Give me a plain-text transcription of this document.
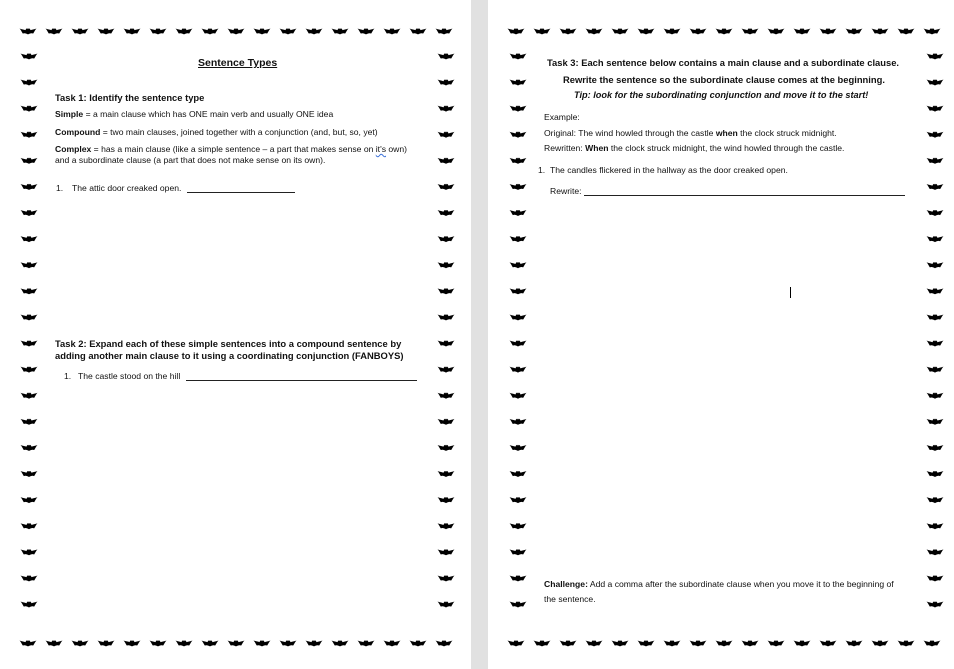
Sentence Types
Task 1: Identify the sentence type
Simple = a main clause which has ONE main verb and usually ONE idea
Compound = two main clauses, joined together with a conjunction (and, but, so, yet)
Complex = has a main clause (like a simple sentence – a part that makes sense on it's own)
and a subordinate clause (a part that does not make sense on its own).
1. The attic door creaked open.
Task 2: Expand each of these simple sentences into a compound sentence by
adding another main clause to it using a coordinating conjunction (FANBOYS)
1. The castle stood on the hill
Task 3: Each sentence below contains a main clause and a subordinate clause.
Rewrite the sentence so the subordinate clause comes at the beginning.
Tip: look for the subordinating conjunction and move it to the start!
Example:
Original: The wind howled through the castle when the clock struck midnight.
Rewritten: When the clock struck midnight, the wind howled through the castle.
1. The candles flickered in the hallway as the door creaked open.
Rewrite:
Challenge: Add a comma after the subordinate clause when you move it to the beginning of
the sentence.
